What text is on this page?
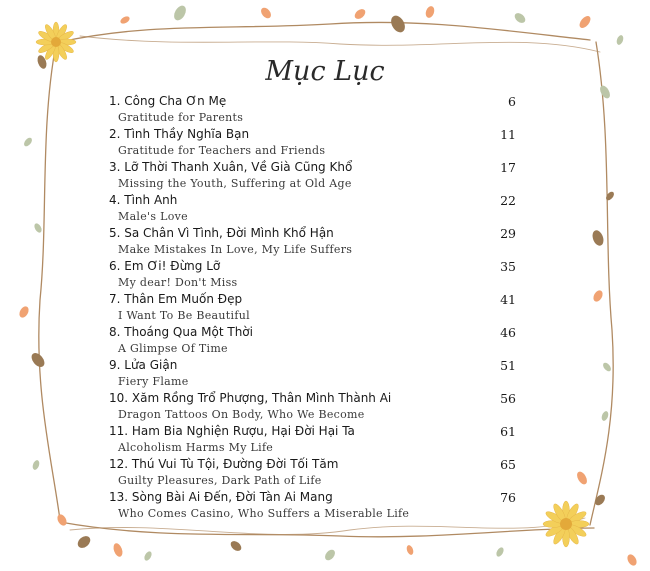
Mục Lục
1. Công Cha Ơn Mẹ	6
Gratitude for Parents
2. Tình Thầy Nghĩa Bạn	11
Gratitude for Teachers and Friends
3. Lỡ Thời Thanh Xuân, Về Già Cũng Khổ	17
Missing the Youth, Suffering at Old Age
4. Tình Anh	22
Male's Love
5. Sa Chân Vì Tình, Đời Mình Khổ Hận	29
Make Mistakes In Love, My Life Suffers
6. Em Ơi! Đừng Lỡ	35
My dear! Don't Miss
7. Thân Em Muốn Đẹp	41
I Want To Be Beautiful
8. Thoáng Qua Một Thời	46
A Glimpse Of Time
9. Lửa Giận	51
Fiery Flame
10. Xăm Rồng Trổ Phượng, Thân Mình Thành Ai	56
Dragon Tattoos On Body, Who We Become
11. Ham Bia Nghiện Rượu, Hại Đời Hại Ta	61
Alcoholism Harms My Life
12. Thú Vui Tù Tội, Đường Đời Tối Tăm	65
Guilty Pleasures, Dark Path of Life
13. Sòng Bài Ai Đến, Đời Tàn Ai Mang	76
Who Comes Casino, Who Suffers a Miserable Life
